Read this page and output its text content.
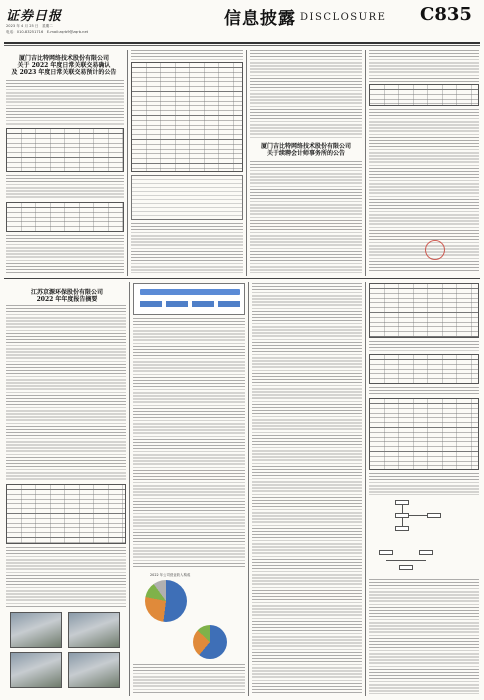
证券日报
2023 年 4 月 25 日　星期二
电话：010-83251716　E-mail:zqrb9@zqrb.net
信息披露 DISCLOSURE C835
厦门吉比特网络技术股份有限公司
关于 2022 年度日常关联交易确认
及 2023 年度日常关联交易预计的公告
厦门吉比特网络技术股份有限公司
关于续聘会计师事务所的公告
江苏京源环保股份有限公司
2022 年年度报告摘要
2022 年公司营业收入构成
